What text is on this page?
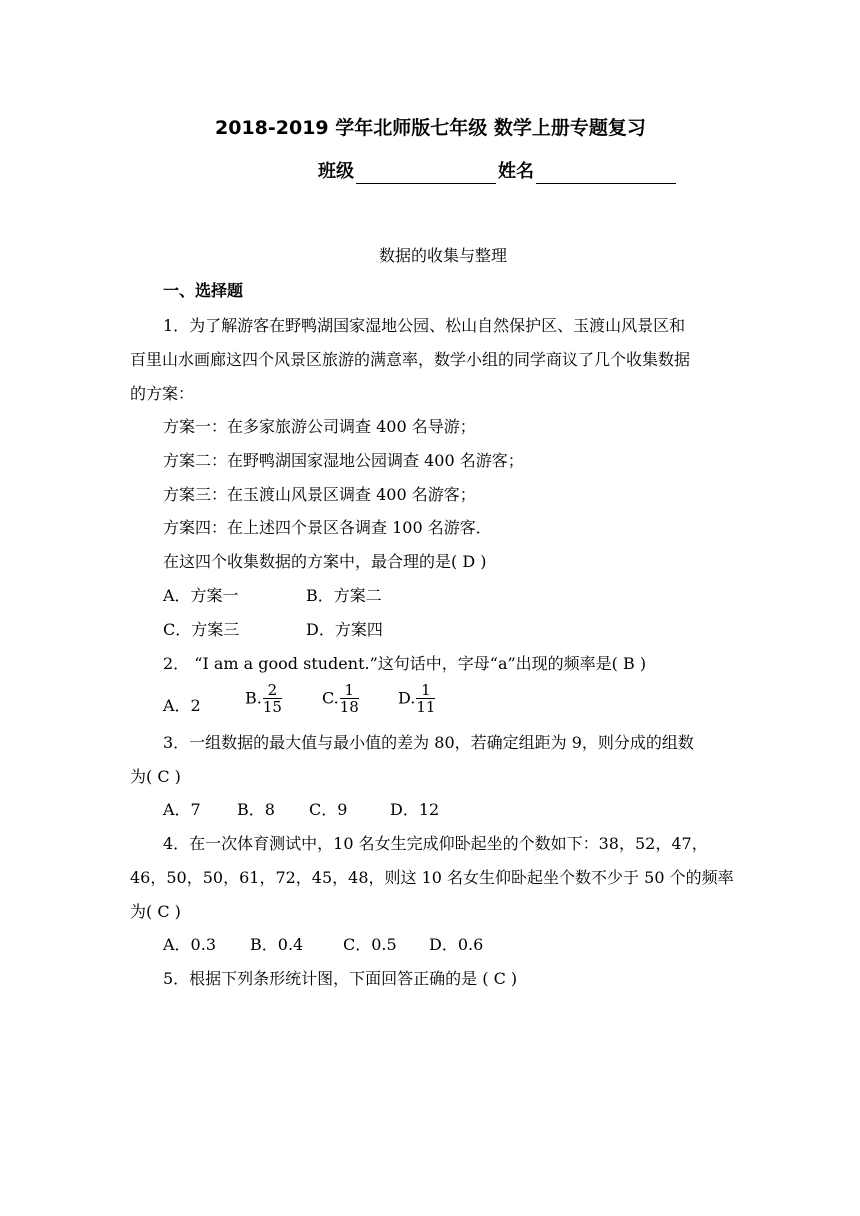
2018-2019 学年北师版七年级 数学上册专题复习
班级	姓名
数据的收集与整理
一、选择题
1．为了解游客在野鸭湖国家湿地公园、松山自然保护区、玉渡山风景区和
百里山水画廊这四个风景区旅游的满意率，数学小组的同学商议了几个收集数据
的方案：
方案一：在多家旅游公司调查 400 名导游；
方案二：在野鸭湖国家湿地公园调查 400 名游客；
方案三：在玉渡山风景区调查 400 名游客；
方案四：在上述四个景区各调查 100 名游客．
在这四个收集数据的方案中，最合理的是( D )
A．方案一	B．方案二
C．方案三	D．方案四
2． “I am a good student.”这句话中，字母“a”出现的频率是( B )
A．2	B. $\frac{2}{15}$	C. $\frac{1}{18} D$. $\frac{1}{11}$
3．一组数据的最大值与最小值的差为 80，若确定组距为 9，则分成的组数
为( C )
A．7 B．8 C．9	D．12
4．在一次体育测试中，10 名女生完成仰卧起坐的个数如下：38，52，47，
46，50，50，61，72，45，48，则这 10 名女生仰卧起坐个数不少于 50 个的频率
为( C )
A．0.3 B．0.4 C．0.5 D．0.6
5．根据下列条形统计图，下面回答正确的是 ( C )
